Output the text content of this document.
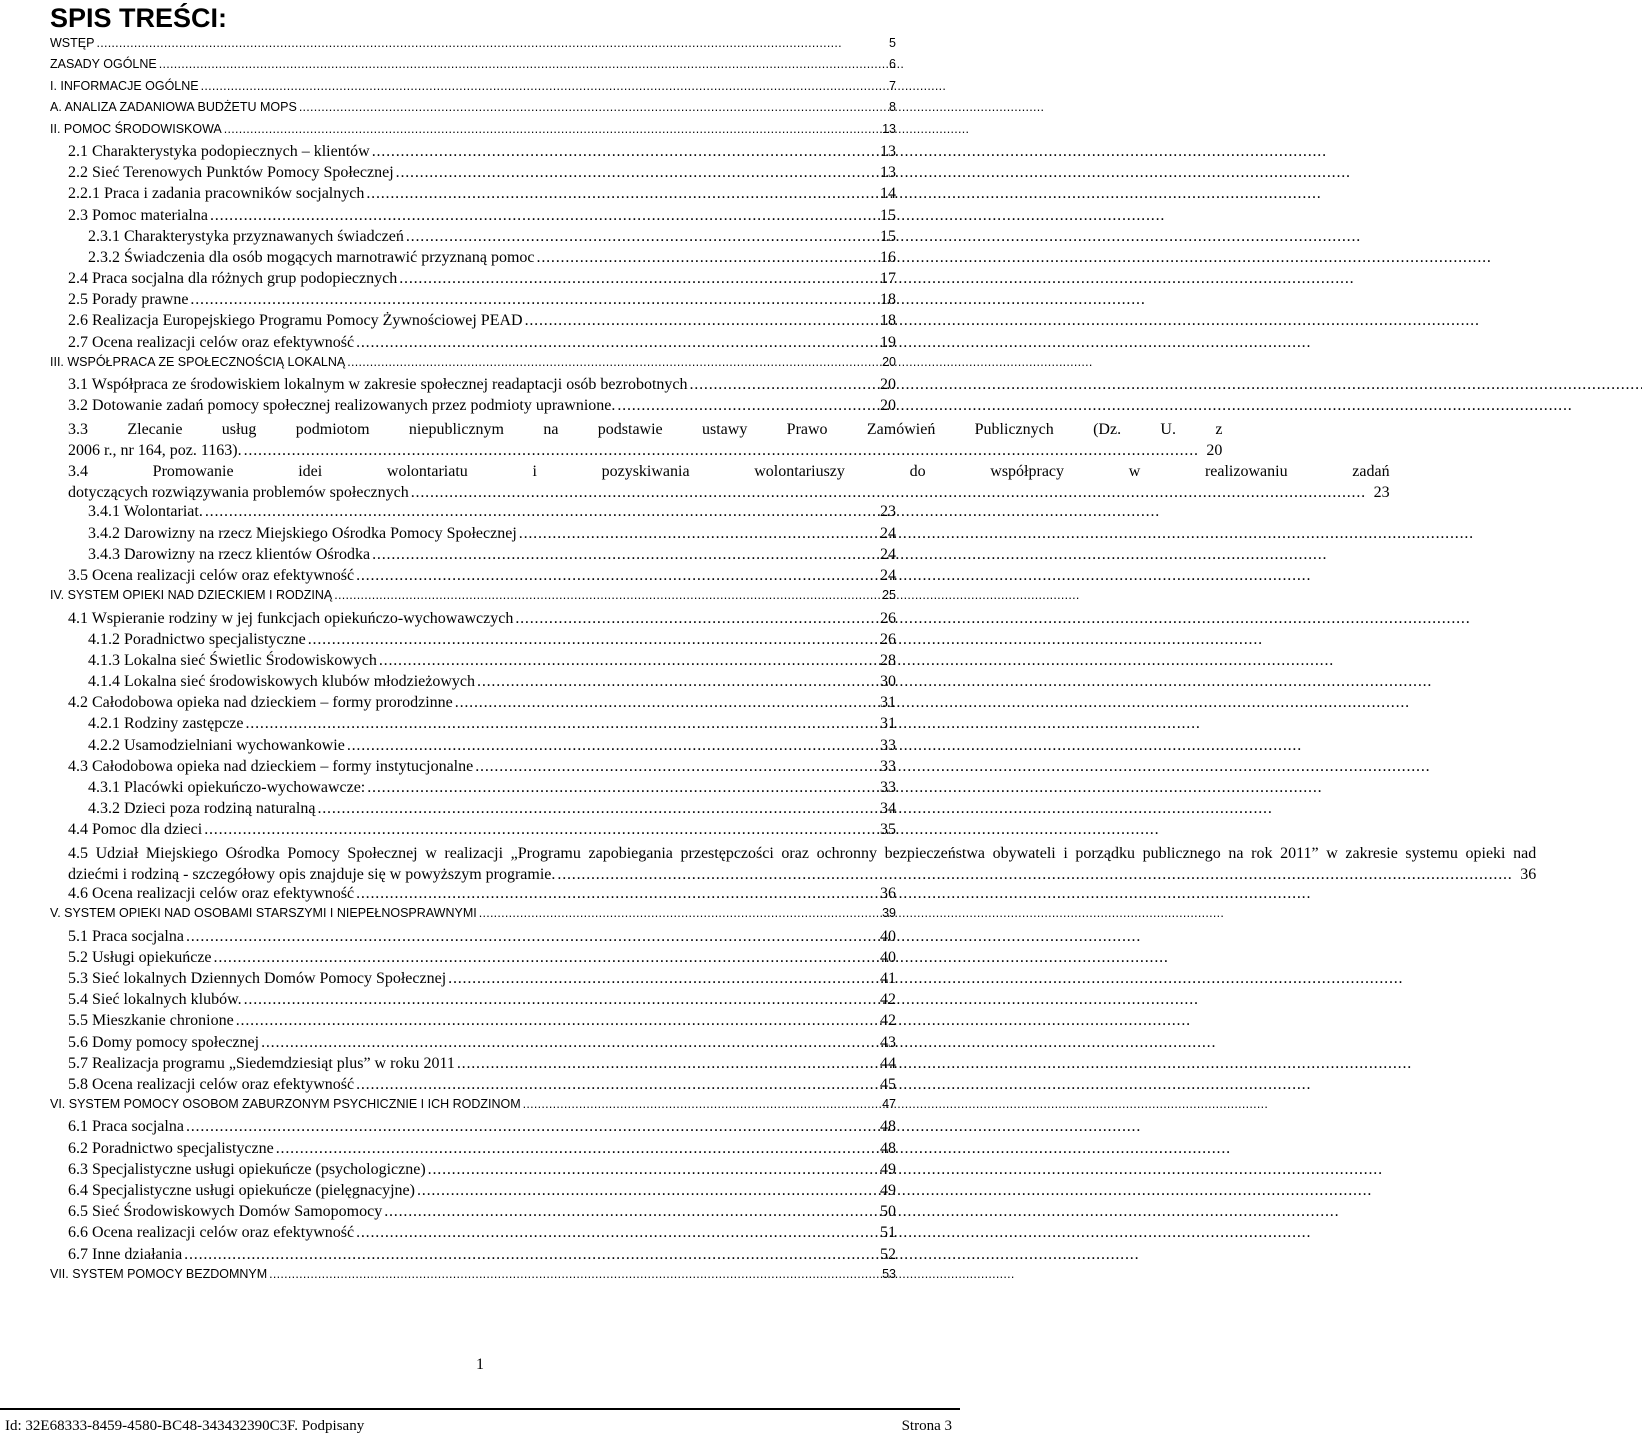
SPIS TREŚCI:
WSTĘP . . .	5
ZASADY OGÓLNE . . .	6
I. INFORMACJE OGÓLNE . . .	7
A. ANALIZA ZADANIOWA BUDŻETU MOPS . . .	8
II. POMOC ŚRODOWISKOWA . . .	13
2.1 Charakterystyka podopiecznych – klientów . . .	13
2.2 Sieć Terenowych Punktów Pomocy Społecznej . . .	13
2.2.1 Praca i zadania pracowników socjalnych . . .	14
2.3 Pomoc materialna . . .	15
2.3.1 Charakterystyka przyznawanych świadczeń . . .	15
2.3.2 Świadczenia dla osób mogących marnotrawić przyznaną pomoc . . .	16
2.4 Praca socjalna dla różnych grup podopiecznych . . .	17
2.5 Porady prawne . . .	18
2.6 Realizacja Europejskiego Programu Pomocy Żywnościowej PEAD . . .	18
2.7 Ocena realizacji celów oraz efektywność . . .	19
III. WSPÓŁPRACA ZE SPOŁECZNOŚCIĄ LOKALNĄ . . .	20
3.1 Współpraca ze środowiskiem lokalnym w zakresie społecznej readaptacji osób bezrobotnych . . .	20
3.2 Dotowanie zadań pomocy społecznej realizowanych przez podmioty uprawnione. . . .	20
3.3 Zlecanie usług podmiotom niepublicznym na podstawie ustawy Prawo Zamówień Publicznych (Dz. U. z
2006 r., nr 164, poz. 1163). . . .	20
3.4 Promowanie idei wolontariatu i pozyskiwania wolontariuszy do współpracy w realizowaniu zadań
dotyczących rozwiązywania problemów społecznych . . .	23
3.4.1 Wolontariat. . . .	23
3.4.2 Darowizny na rzecz Miejskiego Ośrodka Pomocy Społecznej . . .	24
3.4.3 Darowizny na rzecz klientów Ośrodka . . .	24
3.5 Ocena realizacji celów oraz efektywność . . .	24
IV. SYSTEM OPIEKI NAD DZIECKIEM I RODZINĄ . . .	25
4.1 Wspieranie rodziny w jej funkcjach opiekuńczo-wychowawczych . . .	26
4.1.2 Poradnictwo specjalistyczne . . .	26
4.1.3 Lokalna sieć Świetlic Środowiskowych . . .	28
4.1.4 Lokalna sieć środowiskowych klubów młodzieżowych . . .	30
4.2 Całodobowa opieka nad dzieckiem – formy prorodzinne . . .	31
4.2.1 Rodziny zastępcze . . .	31
4.2.2 Usamodzielniani wychowankowie . . .	33
4.3 Całodobowa opieka nad dzieckiem – formy instytucjonalne . . .	33
4.3.1 Placówki opiekuńczo-wychowawcze: . . .	33
4.3.2 Dzieci poza rodziną naturalną . . .	34
4.4 Pomoc dla dzieci . . .	35
4.5 Udział Miejskiego Ośrodka Pomocy Społecznej w realizacji „Programu zapobiegania przestępczości oraz ochronny bezpieczeństwa obywateli i porządku publicznego na rok 2011” w zakresie systemu opieki nad
dziećmi i rodziną - szczegółowy opis znajduje się w powyższym programie. . . .	36
4.6 Ocena realizacji celów oraz efektywność . . .	36
V. SYSTEM OPIEKI NAD OSOBAMI STARSZYMI I NIEPEŁNOSPRAWNYMI . . .	39
5.1 Praca socjalna . . .	40
5.2 Usługi opiekuńcze . . .	40
5.3 Sieć lokalnych Dziennych Domów Pomocy Społecznej . . .	41
5.4 Sieć lokalnych klubów. . . .	42
5.5 Mieszkanie chronione . . .	42
5.6 Domy pomocy społecznej . . .	43
5.7 Realizacja programu „Siedemdziesiąt plus” w roku 2011 . . .	44
5.8 Ocena realizacji celów oraz efektywność . . .	45
VI. SYSTEM POMOCY OSOBOM ZABURZONYM PSYCHICZNIE I ICH RODZINOM . . .	47
6.1 Praca socjalna . . .	48
6.2 Poradnictwo specjalistyczne . . .	48
6.3 Specjalistyczne usługi opiekuńcze (psychologiczne) . . .	49
6.4 Specjalistyczne usługi opiekuńcze (pielęgnacyjne) . . .	49
6.5 Sieć Środowiskowych Domów Samopomocy . . .	50
6.6 Ocena realizacji celów oraz efektywność . . .	51
6.7 Inne działania . . .	52
VII. SYSTEM POMOCY BEZDOMNYM . . .	53
1
Id: 32E68333-8459-4580-BC48-343432390C3F. Podpisany	Strona 3
